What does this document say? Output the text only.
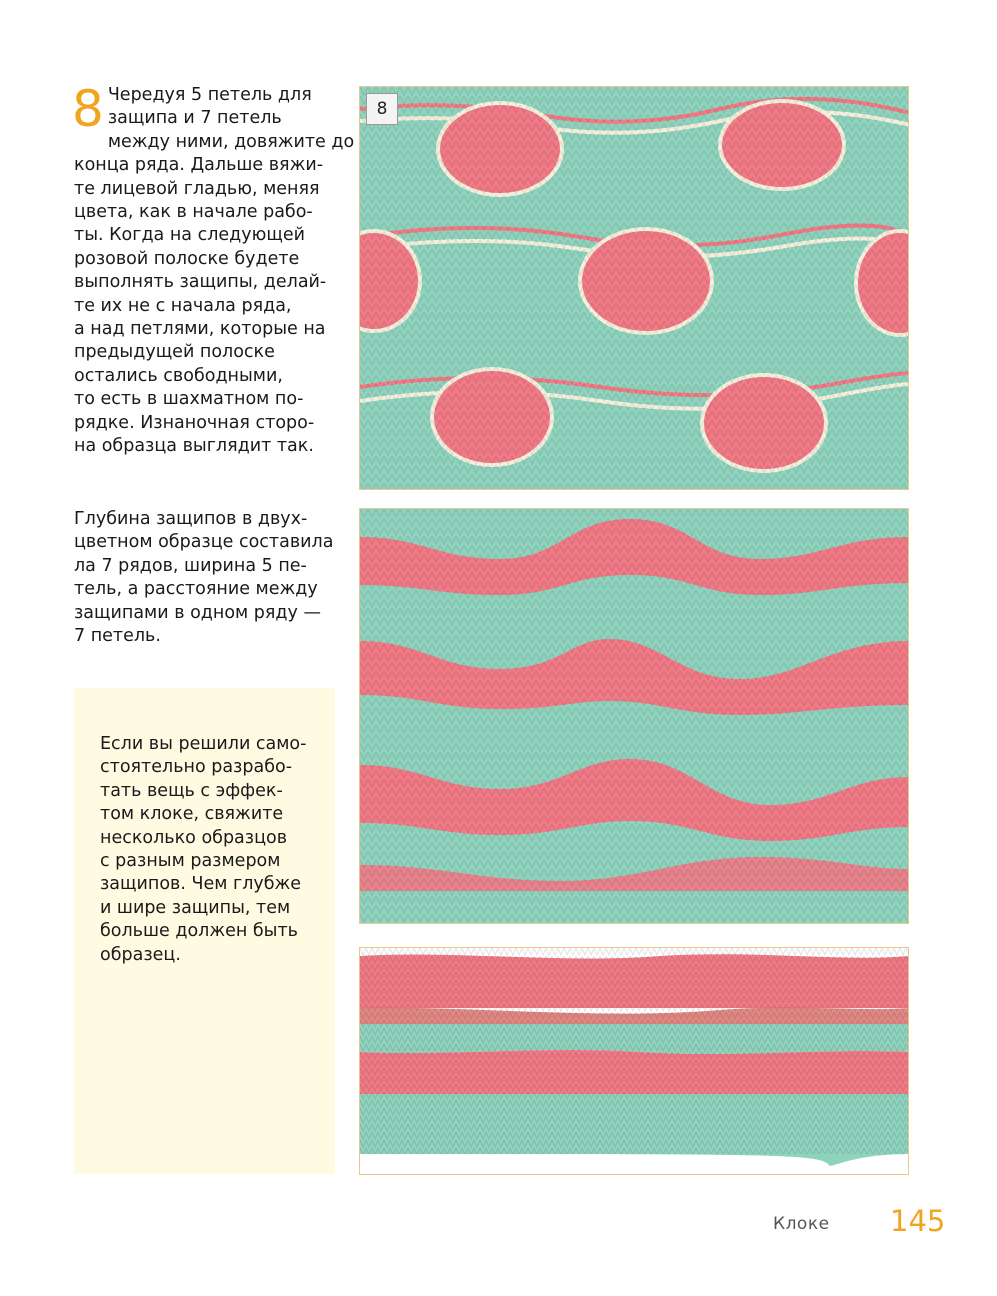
8 Чередуя 5 петель для
защипа и 7 петель
между ними, довяжите до
конца ряда. Дальше вяжи-
те лицевой гладью, меняя
цвета, как в начале рабо-
ты. Когда на следующей
розовой полоске будете
выполнять защипы, делай-
те их не с начала ряда,
а над петлями, которые на
предыдущей полоске
остались свободными,
то есть в шахматном по-
рядке. Изнаночная сторо-
на образца выглядит так.
Глубина защипов в двух-
цветном образце составила
ла 7 рядов, ширина 5 пе-
тель, а расстояние между
защипами в одном ряду —
7 петель.
Если вы решили само-
стоятельно разрабо-
тать вещь с эффек-
том клоке, свяжите
несколько образцов
с разным размером
защипов. Чем глубже
и шире защипы, тем
больше должен быть
образец.
8
Клоке 145
